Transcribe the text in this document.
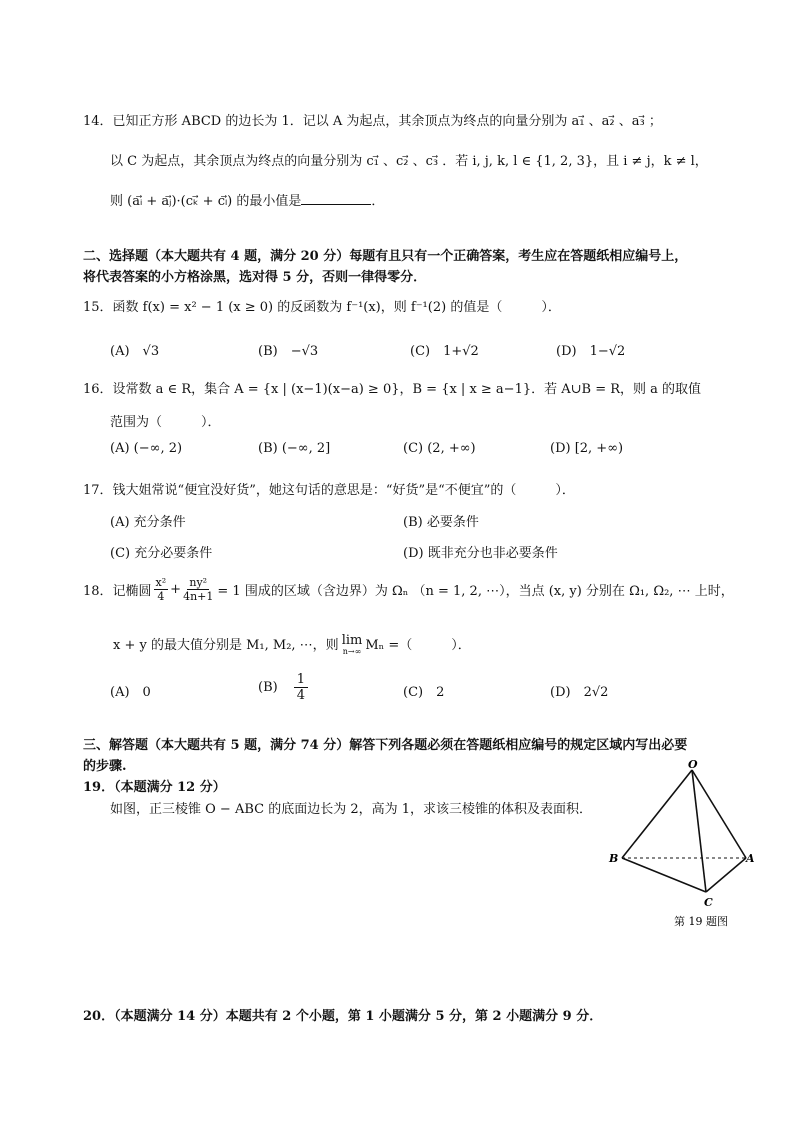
14．已知正方形 ABCD 的边长为 1．记以 A 为起点，其余顶点为终点的向量分别为 a₁⃗ 、a₂⃗ 、a₃⃗ ；
以 C 为起点，其余顶点为终点的向量分别为 c₁⃗ 、c₂⃗ 、c₃⃗ ．若 i, j, k, l ∈ {1, 2, 3}，且 i ≠ j，k ≠ l，
则 (aᵢ⃗ + aⱼ⃗)·(cₖ⃗ + cₗ⃗) 的最小值是	．
二、选择题（本大题共有 4 题，满分 20 分）每题有且只有一个正确答案，考生应在答题纸相应编号上，
将代表答案的小方格涂黑，选对得 5 分，否则一律得零分．
15．函数 f(x) = x² − 1 (x ≥ 0) 的反函数为 f⁻¹(x)，则 f⁻¹(2) 的值是（　　　）．
(A)　√3	(B)　−√3	(C)　1+√2	(D)　1−√2
16．设常数 a ∈ R，集合 A = {x | (x−1)(x−a) ≥ 0}，B = {x | x ≥ a−1}．若 A∪B = R，则 a 的取值
范围为（　　　）．
(A) (−∞, 2)	(B) (−∞, 2]	(C) (2, +∞)	(D) [2, +∞)
17．钱大姐常说“便宜没好货”，她这句话的意思是：“好货”是“不便宜”的（　　　）．
(A) 充分条件	(B) 必要条件
(C) 充分必要条件	(D) 既非充分也非必要条件
18．记椭圆 $\frac{\text{x²}}{4} + \frac{\text{ny²}}{4n+1} = 1$ 围成的区域（含边界）为 Ωₙ （n = 1, 2, ⋯），当点 (x, y) 分别在 Ω₁, Ω₂, ⋯ 上时，
x + y 的最大值分别是 M₁, M₂, ⋯，则 lim
n→∞ Mₙ =（　　　）．
(A)　0	$(B) \frac{1}{4}$	(C)　2	(D)　2√2
三、解答题（本大题共有 5 题，满分 74 分）解答下列各题必须在答题纸相应编号的规定区域内写出必要
的步骤.
19．（本题满分 12 分）
如图，正三棱锥 O − ABC 的底面边长为 2，高为 1，求该三棱锥的体积及表面积．
O
A
B
C
第 19 题图
20．（本题满分 14 分）本题共有 2 个小题，第 1 小题满分 5 分，第 2 小题满分 9 分．
